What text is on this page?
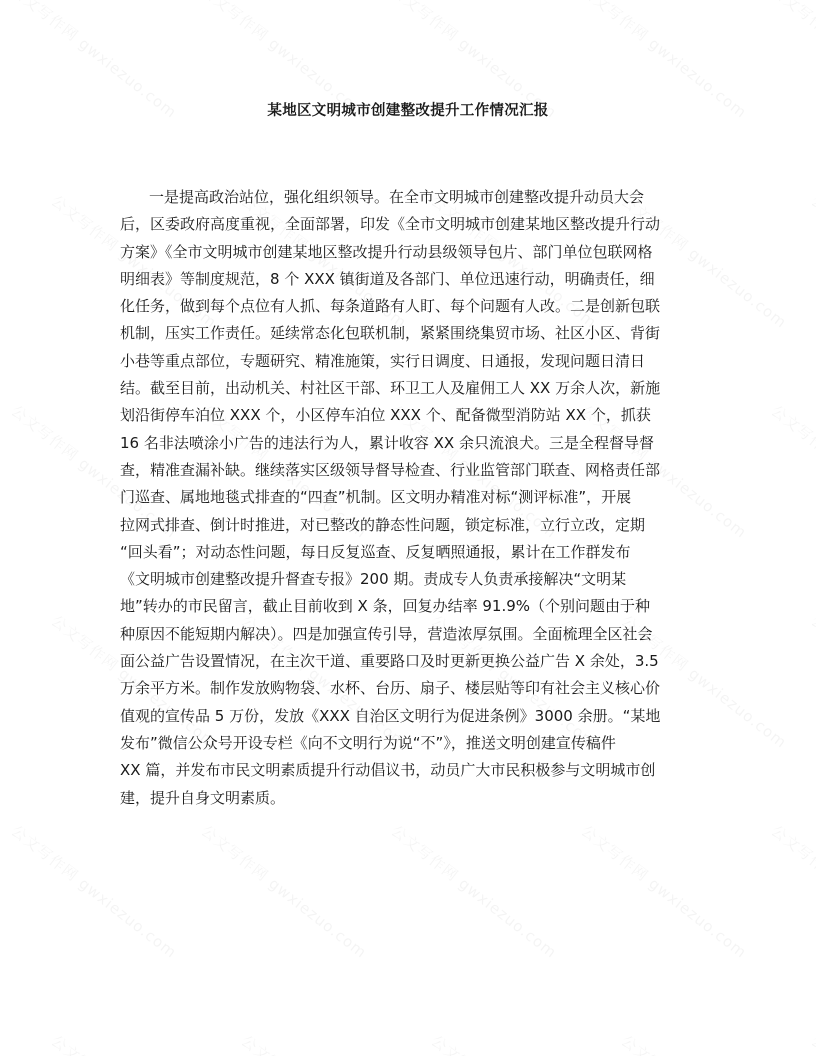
某地区文明城市创建整改提升工作情况汇报
一是提高政治站位，强化组织领导。在全市文明城市创建整改提升动员大会
后，区委政府高度重视，全面部署，印发《全市文明城市创建某地区整改提升行动
方案》《全市文明城市创建某地区整改提升行动县级领导包片、部门单位包联网格
明细表》等制度规范，8 个 XXX 镇街道及各部门、单位迅速行动，明确责任，细
化任务，做到每个点位有人抓、每条道路有人盯、每个问题有人改。二是创新包联
机制，压实工作责任。延续常态化包联机制，紧紧围绕集贸市场、社区小区、背街
小巷等重点部位，专题研究、精准施策，实行日调度、日通报，发现问题日清日
结。截至目前，出动机关、村社区干部、环卫工人及雇佣工人 XX 万余人次，新施
划沿街停车泊位 XXX 个，小区停车泊位 XXX 个、配备微型消防站 XX 个，抓获
16 名非法喷涂小广告的违法行为人，累计收容 XX 余只流浪犬。三是全程督导督
查，精准查漏补缺。继续落实区级领导督导检查、行业监管部门联查、网格责任部
门巡查、属地地毯式排查的“四查”机制。区文明办精准对标“测评标准”，开展
拉网式排查、倒计时推进，对已整改的静态性问题，锁定标准，立行立改，定期
“回头看”；对动态性问题，每日反复巡查、反复晒照通报，累计在工作群发布
《文明城市创建整改提升督查专报》200 期。责成专人负责承接解决“文明某
地”转办的市民留言，截止目前收到 X 条，回复办结率 91.9%（个别问题由于种
种原因不能短期内解决）。四是加强宣传引导，营造浓厚氛围。全面梳理全区社会
面公益广告设置情况，在主次干道、重要路口及时更新更换公益广告 X 余处，3.5
万余平方米。制作发放购物袋、水杯、台历、扇子、楼层贴等印有社会主义核心价
值观的宣传品 5 万份，发放《XXX 自治区文明行为促进条例》3000 余册。“某地
发布”微信公众号开设专栏《向不文明行为说“不”》，推送文明创建宣传稿件
XX 篇，并发布市民文明素质提升行动倡议书，动员广大市民积极参与文明城市创
建，提升自身文明素质。
